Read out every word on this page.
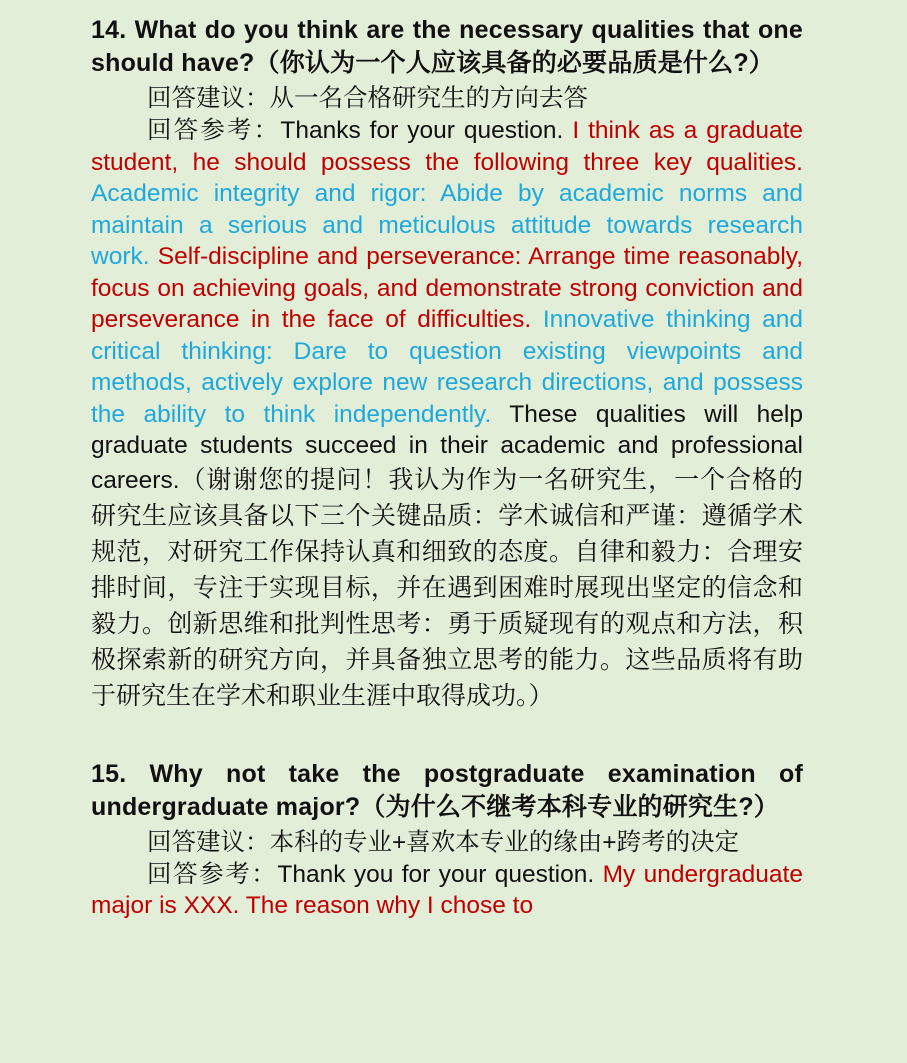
14. What do you think are the necessary qualities that one should have?（你认为一个人应该具备的必要品质是什么?）

回答建议：从一名合格研究生的方向去答

回答参考：Thanks for your question. I think as a graduate student, he should possess the following three key qualities. Academic integrity and rigor: Abide by academic norms and maintain a serious and meticulous attitude towards research work. Self-discipline and perseverance: Arrange time reasonably, focus on achieving goals, and demonstrate strong conviction and perseverance in the face of difficulties. Innovative thinking and critical thinking: Dare to question existing viewpoints and methods, actively explore new research directions, and possess the ability to think independently. These qualities will help graduate students succeed in their academic and professional careers.（谢谢您的提问！我认为作为一名研究生，一个合格的研究生应该具备以下三个关键品质：学术诚信和严谨：遵循学术规范，对研究工作保持认真和细致的态度。自律和毅力：合理安排时间，专注于实现目标，并在遇到困难时展现出坚定的信念和毅力。创新思维和批判性思考：勇于质疑现有的观点和方法，积极探索新的研究方向，并具备独立思考的能力。这些品质将有助于研究生在学术和职业生涯中取得成功。）

15. Why not take the postgraduate examination of undergraduate major?（为什么不继考本科专业的研究生?）

回答建议：本科的专业+喜欢本专业的缘由+跨考的决定

回答参考：Thank you for your question. My undergraduate major is XXX. The reason why I chose to
